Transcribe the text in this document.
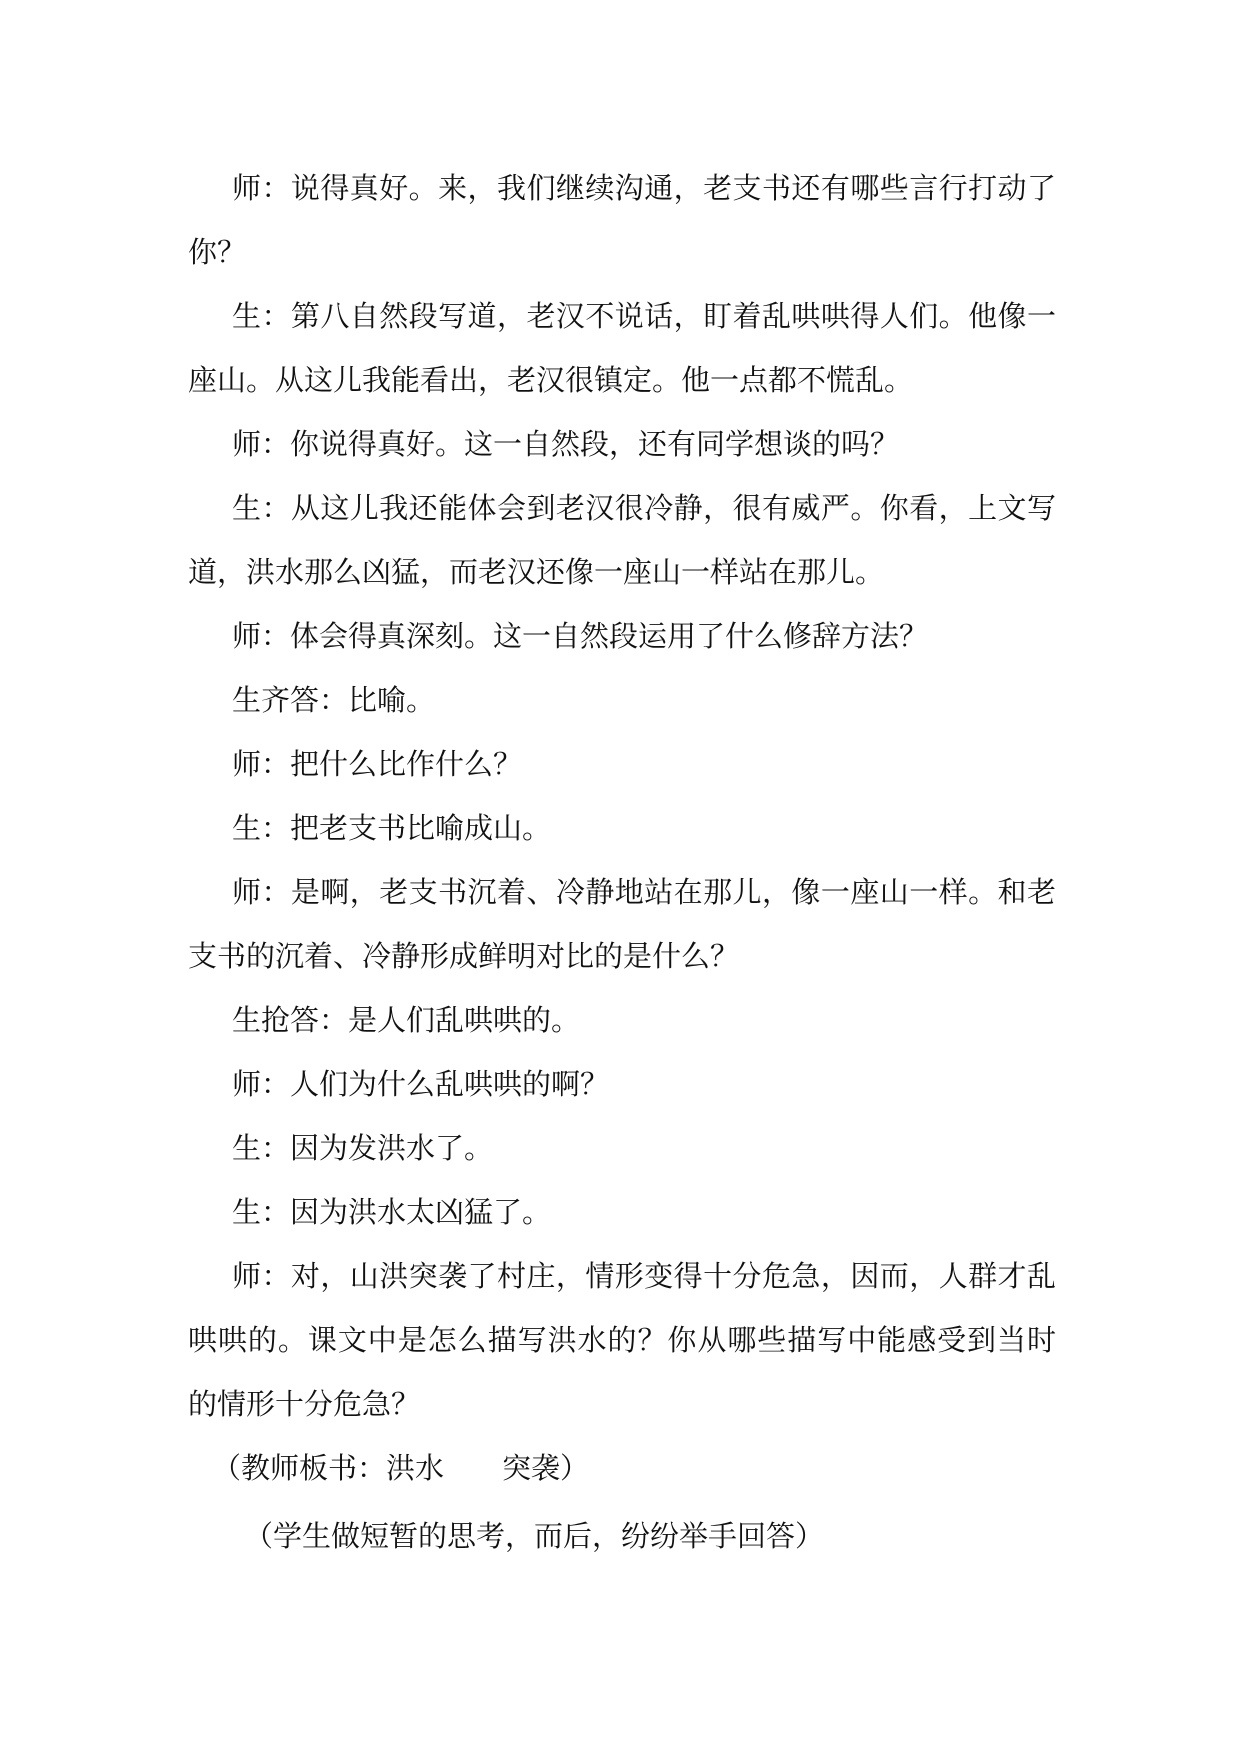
师：说得真好。来，我们继续沟通，老支书还有哪些言行打动了你？

生：第八自然段写道，老汉不说话，盯着乱哄哄得人们。他像一座山。从这儿我能看出，老汉很镇定。他一点都不慌乱。

师：你说得真好。这一自然段，还有同学想谈的吗？

生：从这儿我还能体会到老汉很冷静，很有威严。你看，上文写道，洪水那么凶猛，而老汉还像一座山一样站在那儿。

师：体会得真深刻。这一自然段运用了什么修辞方法？

生齐答：比喻。

师：把什么比作什么？

生：把老支书比喻成山。

师：是啊，老支书沉着、冷静地站在那儿，像一座山一样。和老支书的沉着、冷静形成鲜明对比的是什么？

生抢答：是人们乱哄哄的。

师：人们为什么乱哄哄的啊？

生：因为发洪水了。

生：因为洪水太凶猛了。

师：对，山洪突袭了村庄，情形变得十分危急，因而，人群才乱哄哄的。课文中是怎么描写洪水的？你从哪些描写中能感受到当时的情形十分危急？

（教师板书：洪水　　突袭）

（学生做短暂的思考，而后，纷纷举手回答）
